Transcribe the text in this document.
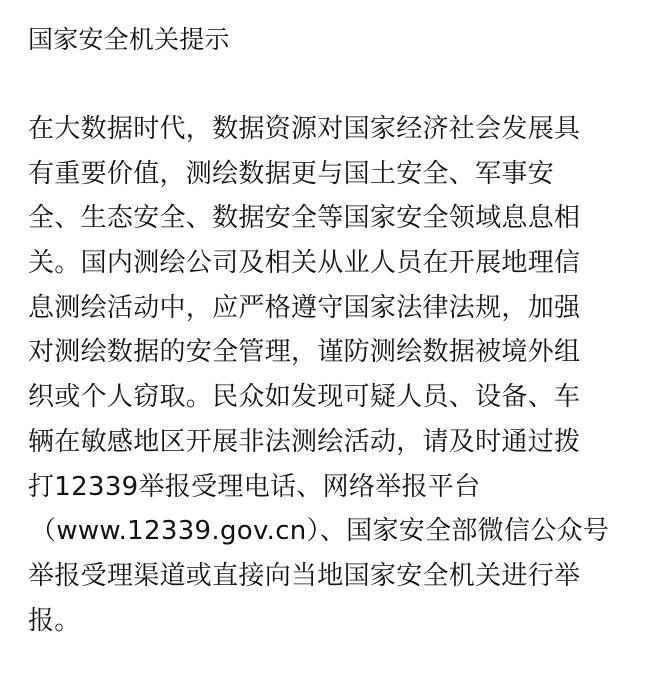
国家安全机关提示
在大数据时代，数据资源对国家经济社会发展具
有重要价值，测绘数据更与国土安全、军事安
全、生态安全、数据安全等国家安全领域息息相
关。国内测绘公司及相关从业人员在开展地理信
息测绘活动中，应严格遵守国家法律法规，加强
对测绘数据的安全管理，谨防测绘数据被境外组
织或个人窃取。民众如发现可疑人员、设备、车
辆在敏感地区开展非法测绘活动，请及时通过拨
打12339举报受理电话、网络举报平台
（www.12339.gov.cn）、国家安全部微信公众号
举报受理渠道或直接向当地国家安全机关进行举
报。
